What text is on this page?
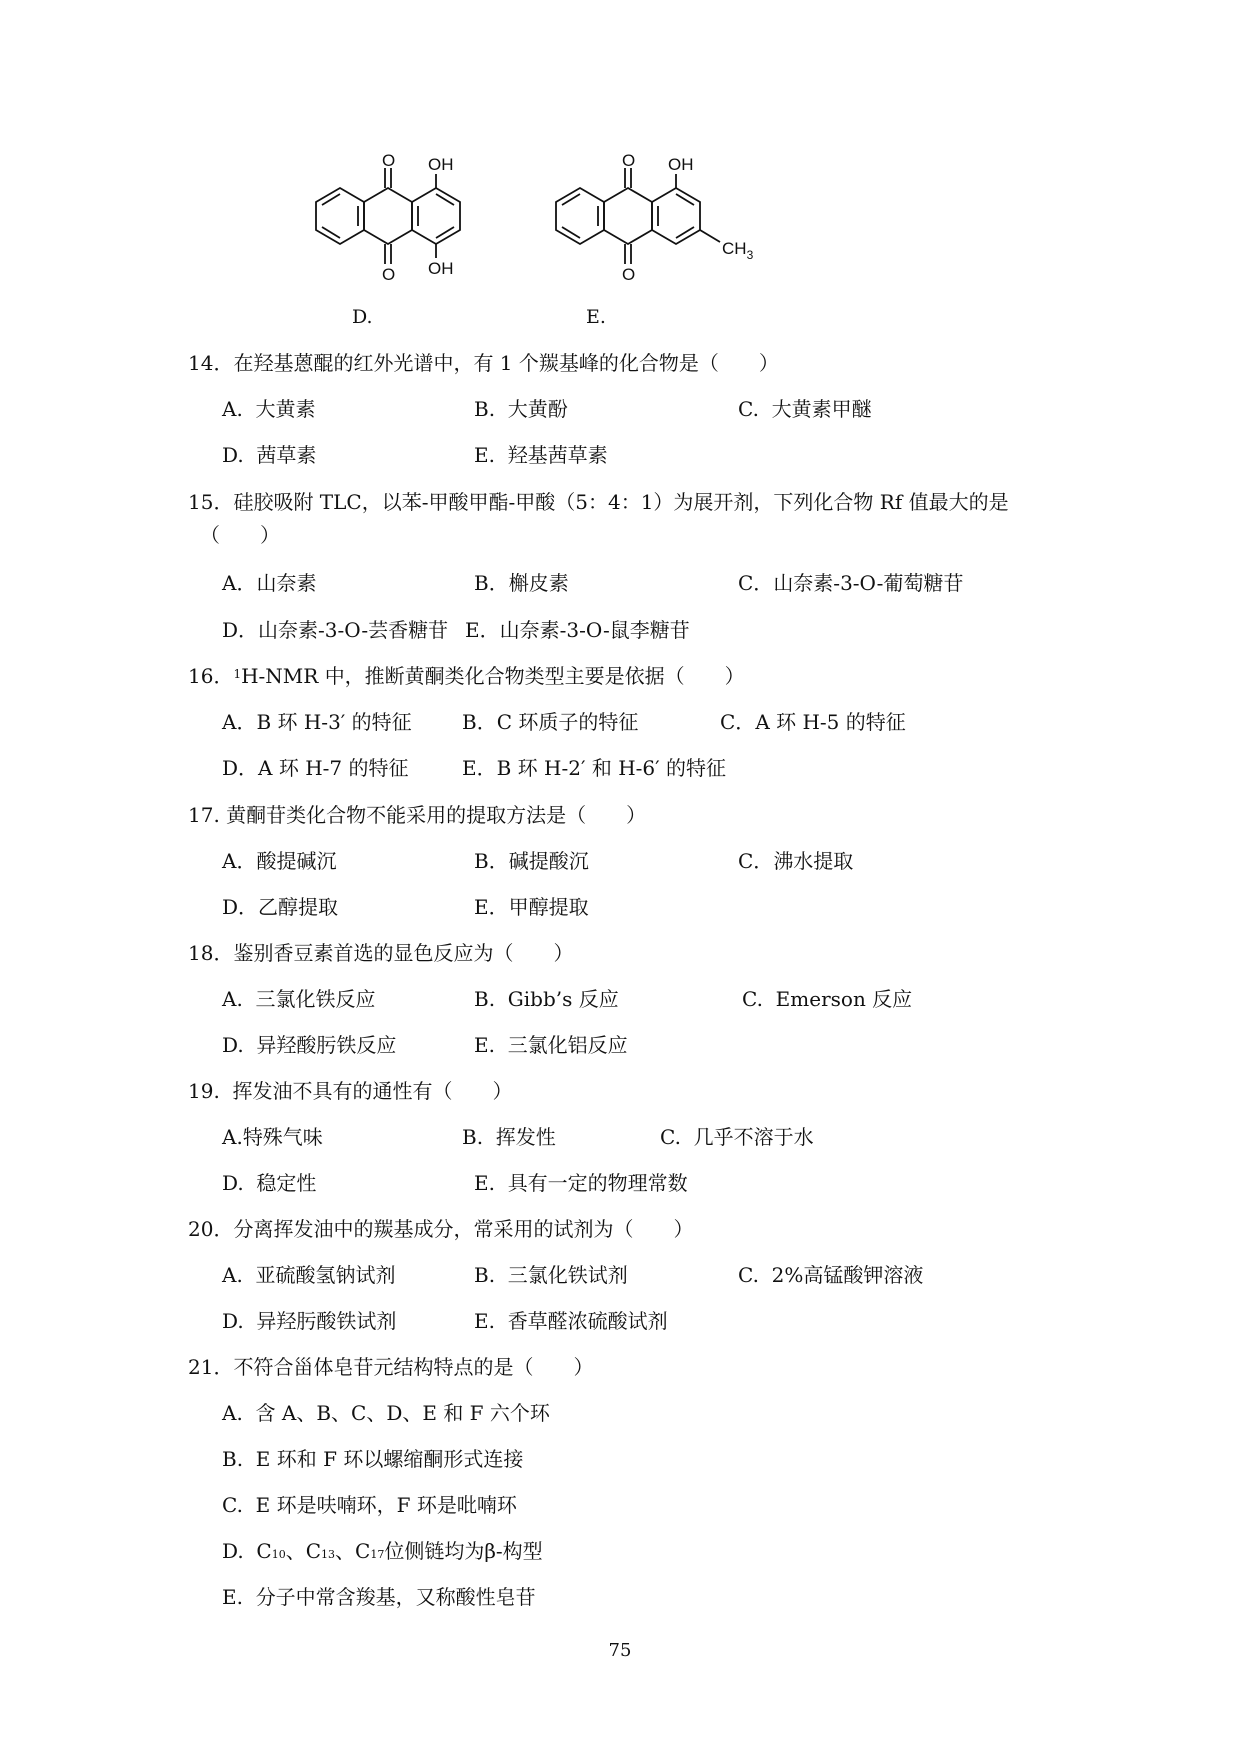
O
O
OH
OH
D.
O
O
OH
$CH_3$
E.
14．在羟基蒽醌的红外光谱中，有 1 个羰基峰的化合物是（　　）
A. 大黄素	B. 大黄酚	C. 大黄素甲醚
D. 茜草素	E. 羟基茜草素
15．硅胶吸附 TLC，以苯-甲酸甲酯-甲酸（5：4：1）为展开剂，下列化合物 Rf 值最大的是
（　　）
A．山奈素	B．槲皮素	C．山奈素-3-O-葡萄糖苷
D．山奈素-3-O-芸香糖苷 E．山奈素-3-O-鼠李糖苷
16．$^1$H-NMR 中，推断黄酮类化合物类型主要是依据（　　）
A．B 环 H-3′ 的特征	B．C 环质子的特征	C．A 环 H-5 的特征
D．A 环 H-7 的特征	E．B 环 H-2′ 和 H-6′ 的特征
17. 黄酮苷类化合物不能采用的提取方法是（　　）
A．酸提碱沉	B．碱提酸沉	C．沸水提取
D．乙醇提取	E．甲醇提取
18．鉴别香豆素首选的显色反应为（　　）
A. 三氯化铁反应	B. Gibb’s 反应	C. Emerson 反应
D. 异羟酸肟铁反应	E. 三氯化铝反应
19. 挥发油不具有的通性有（　　）
A.特殊气味	B. 挥发性	C. 几乎不溶于水
D. 稳定性	E. 具有一定的物理常数
20．分离挥发油中的羰基成分，常采用的试剂为（　　）
A. 亚硫酸氢钠试剂	B. 三氯化铁试剂	C. 2%高锰酸钾溶液
D. 异羟肟酸铁试剂	E. 香草醛浓硫酸试剂
21．不符合甾体皂苷元结构特点的是（　　）
A. 含 A、B、C、D、E 和 F 六个环
B. E 环和 F 环以螺缩酮形式连接
C. E 环是呋喃环，F 环是吡喃环
D. $C_{10}$、$C_{13}$、$C_{17}$位侧链均为β-构型
E. 分子中常含羧基，又称酸性皂苷
75
